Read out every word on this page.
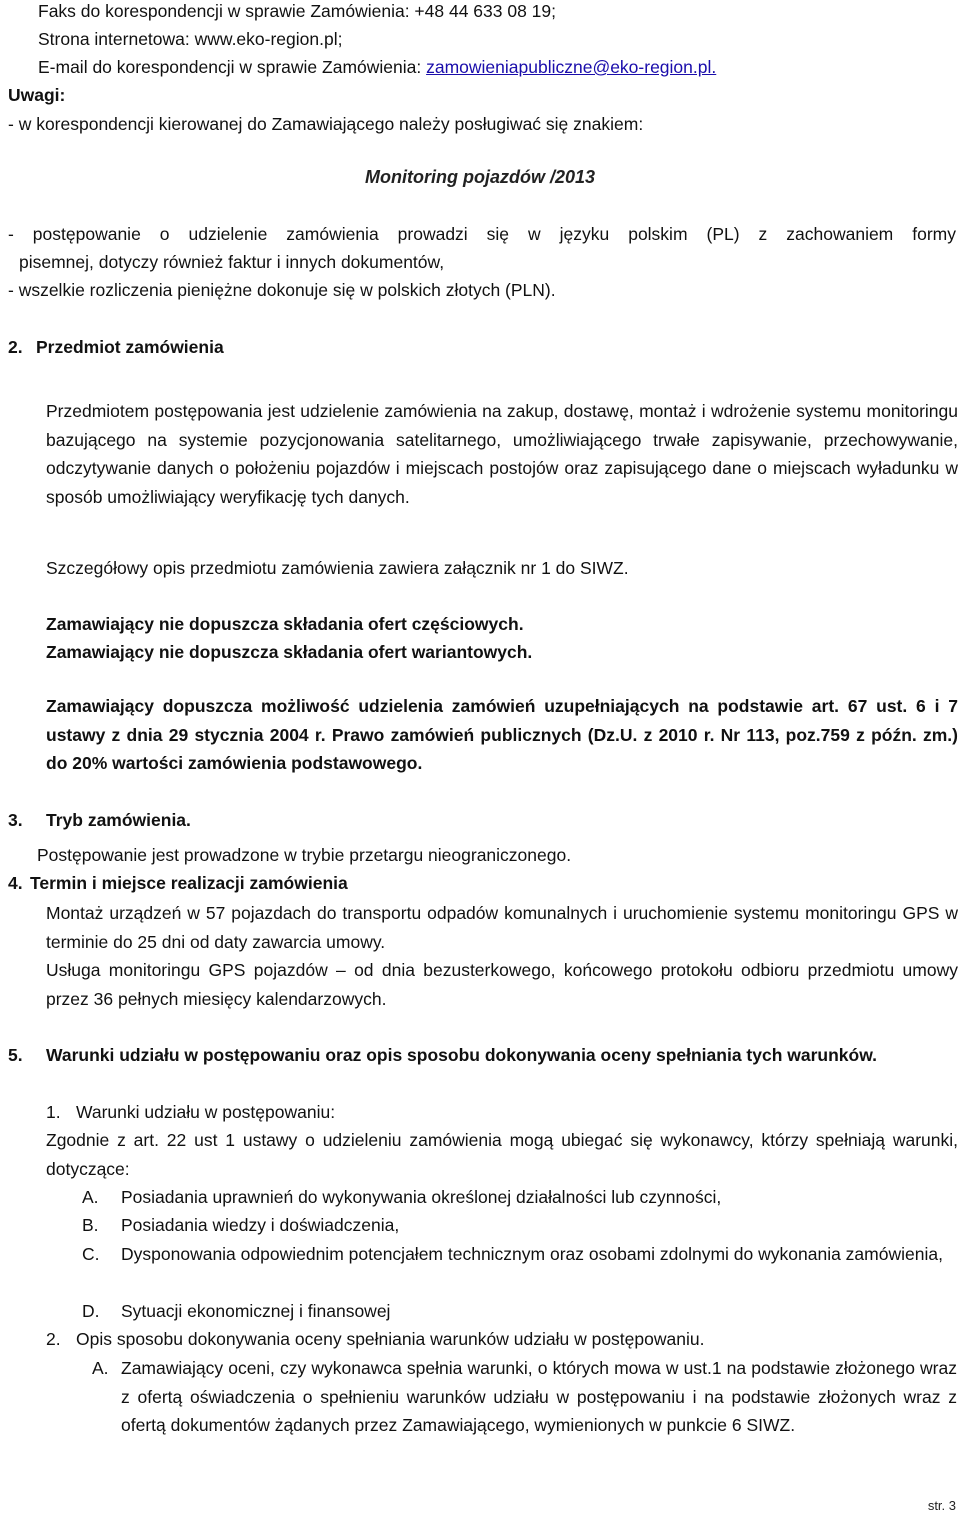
Faks do korespondencji w sprawie Zamówienia: +48 44 633 08 19;
Strona internetowa: www.eko-region.pl;
E-mail do korespondencji w sprawie Zamówienia: zamowieniapubliczne@eko-region.pl.
Uwagi:
- w korespondencji kierowanej do Zamawiającego należy posługiwać się znakiem:
Monitoring pojazdów /2013
- postępowanie o udzielenie zamówienia prowadzi się w języku polskim (PL) z zachowaniem formy
pisemnej, dotyczy również faktur i innych dokumentów,
- wszelkie rozliczenia pieniężne dokonuje się w polskich złotych (PLN).
2. Przedmiot zamówienia
Przedmiotem postępowania jest udzielenie zamówienia na zakup, dostawę, montaż i wdrożenie systemu monitoringu bazującego na systemie pozycjonowania satelitarnego, umożliwiającego trwałe zapisywanie, przechowywanie, odczytywanie danych o położeniu pojazdów i miejscach postojów oraz zapisującego dane o miejscach wyładunku w sposób umożliwiający weryfikację tych danych.
Szczegółowy opis przedmiotu zamówienia zawiera załącznik nr 1 do SIWZ.
Zamawiający nie dopuszcza składania ofert częściowych.
Zamawiający nie dopuszcza składania ofert wariantowych.
Zamawiający dopuszcza możliwość udzielenia zamówień uzupełniających na podstawie art. 67 ust. 6 i 7 ustawy z dnia 29 stycznia 2004 r. Prawo zamówień publicznych (Dz.U. z 2010 r. Nr 113, poz.759 z późn. zm.) do 20% wartości zamówienia podstawowego.
3. Tryb zamówienia.
Postępowanie jest prowadzone w trybie przetargu nieograniczonego.
4. Termin i miejsce realizacji zamówienia
Montaż urządzeń w 57 pojazdach do transportu odpadów komunalnych i uruchomienie systemu monitoringu GPS w terminie do 25 dni od daty zawarcia umowy.
Usługa monitoringu GPS pojazdów – od dnia bezusterkowego, końcowego protokołu odbioru przedmiotu umowy przez 36 pełnych miesięcy kalendarzowych.
5. Warunki udziału w postępowaniu oraz opis sposobu dokonywania oceny spełniania tych warunków.
1. Warunki udziału w postępowaniu:
Zgodnie z art. 22 ust 1 ustawy o udzieleniu zamówienia mogą ubiegać się wykonawcy, którzy spełniają warunki, dotyczące:
A. Posiadania uprawnień do wykonywania określonej działalności lub czynności,
B. Posiadania wiedzy i doświadczenia,
C. Dysponowania odpowiednim potencjałem technicznym oraz osobami zdolnymi do wykonania zamówienia,
D. Sytuacji ekonomicznej i finansowej
2. Opis sposobu dokonywania oceny spełniania warunków udziału w postępowaniu.
A. Zamawiający oceni, czy wykonawca spełnia warunki, o których mowa w ust.1 na podstawie złożonego wraz z ofertą oświadczenia o spełnieniu warunków udziału w postępowaniu i na podstawie złożonych wraz z ofertą dokumentów żądanych przez Zamawiającego, wymienionych w punkcie 6 SIWZ.
str. 3
